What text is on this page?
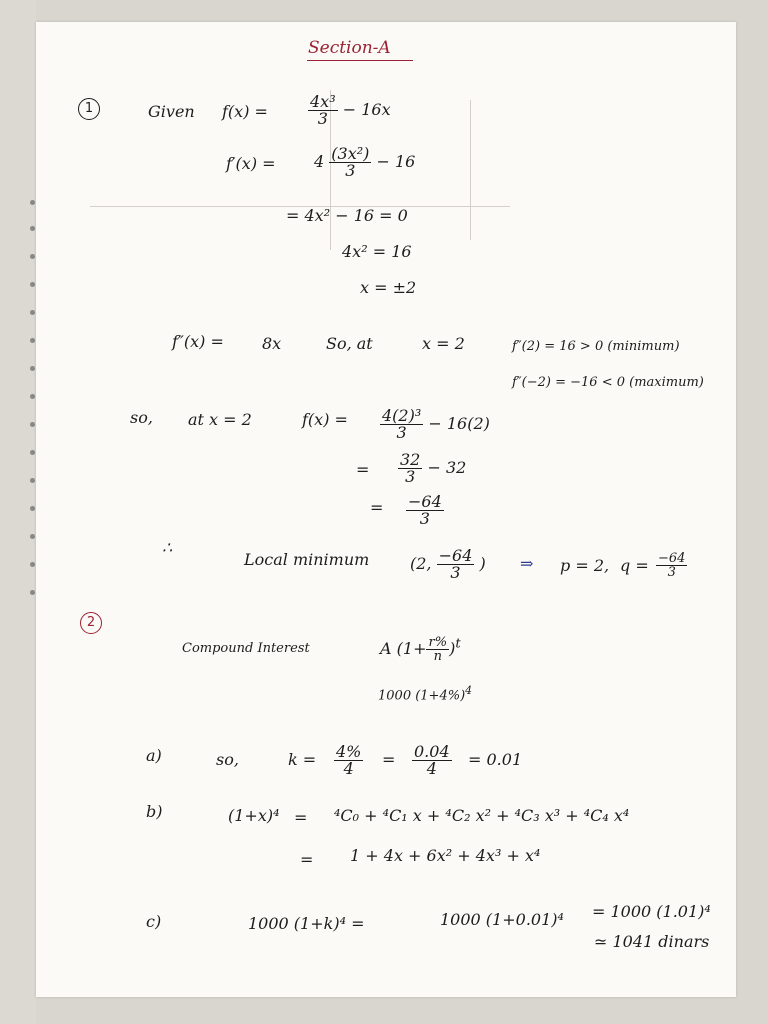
Section-A
1	Given f(x) =	$\frac{\text{4x³}}{3} - 16x$
$f'(x) = 4 \frac{\text{(3x²)}}{3} - 16$
= 4x² − 16 = 0
4x² = 16
x = ±2
f″(x) = 8x	So, at	x = 2	f″(2) = 16 > 0 (minimum)
f″(−2) = −16 < 0 (maximum)
so, at x = 2	$f(x) = \frac{\text{4(2)³}}{3} - 16(2)$
= $\frac{32}{3} - 32$
= $\frac{-64}{3}$
∴
Local minimum	(2, $\frac{-64}{3}$ ) ⇒ p = 2, $q = \frac{-64}{3}$
2
Compound Interest	A $(1+ \frac{r\%}{n} )^t$
1000 $(1+4\%)^4$
a)	so,	$k = \frac{4\%}{4} = \frac{0.04}{4} = 0.01$
b)	(1+x)⁴ = ⁴C₀ + ⁴C₁ x + ⁴C₂ x² + ⁴C₃ x³ + ⁴C₄ x⁴
= 1 + 4x + 6x² + 4x³ + x⁴
c)	1000 (1+k)⁴ =	1000 (1+0.01)⁴ = 1000 (1.01)⁴
≃ 1041 dinars
